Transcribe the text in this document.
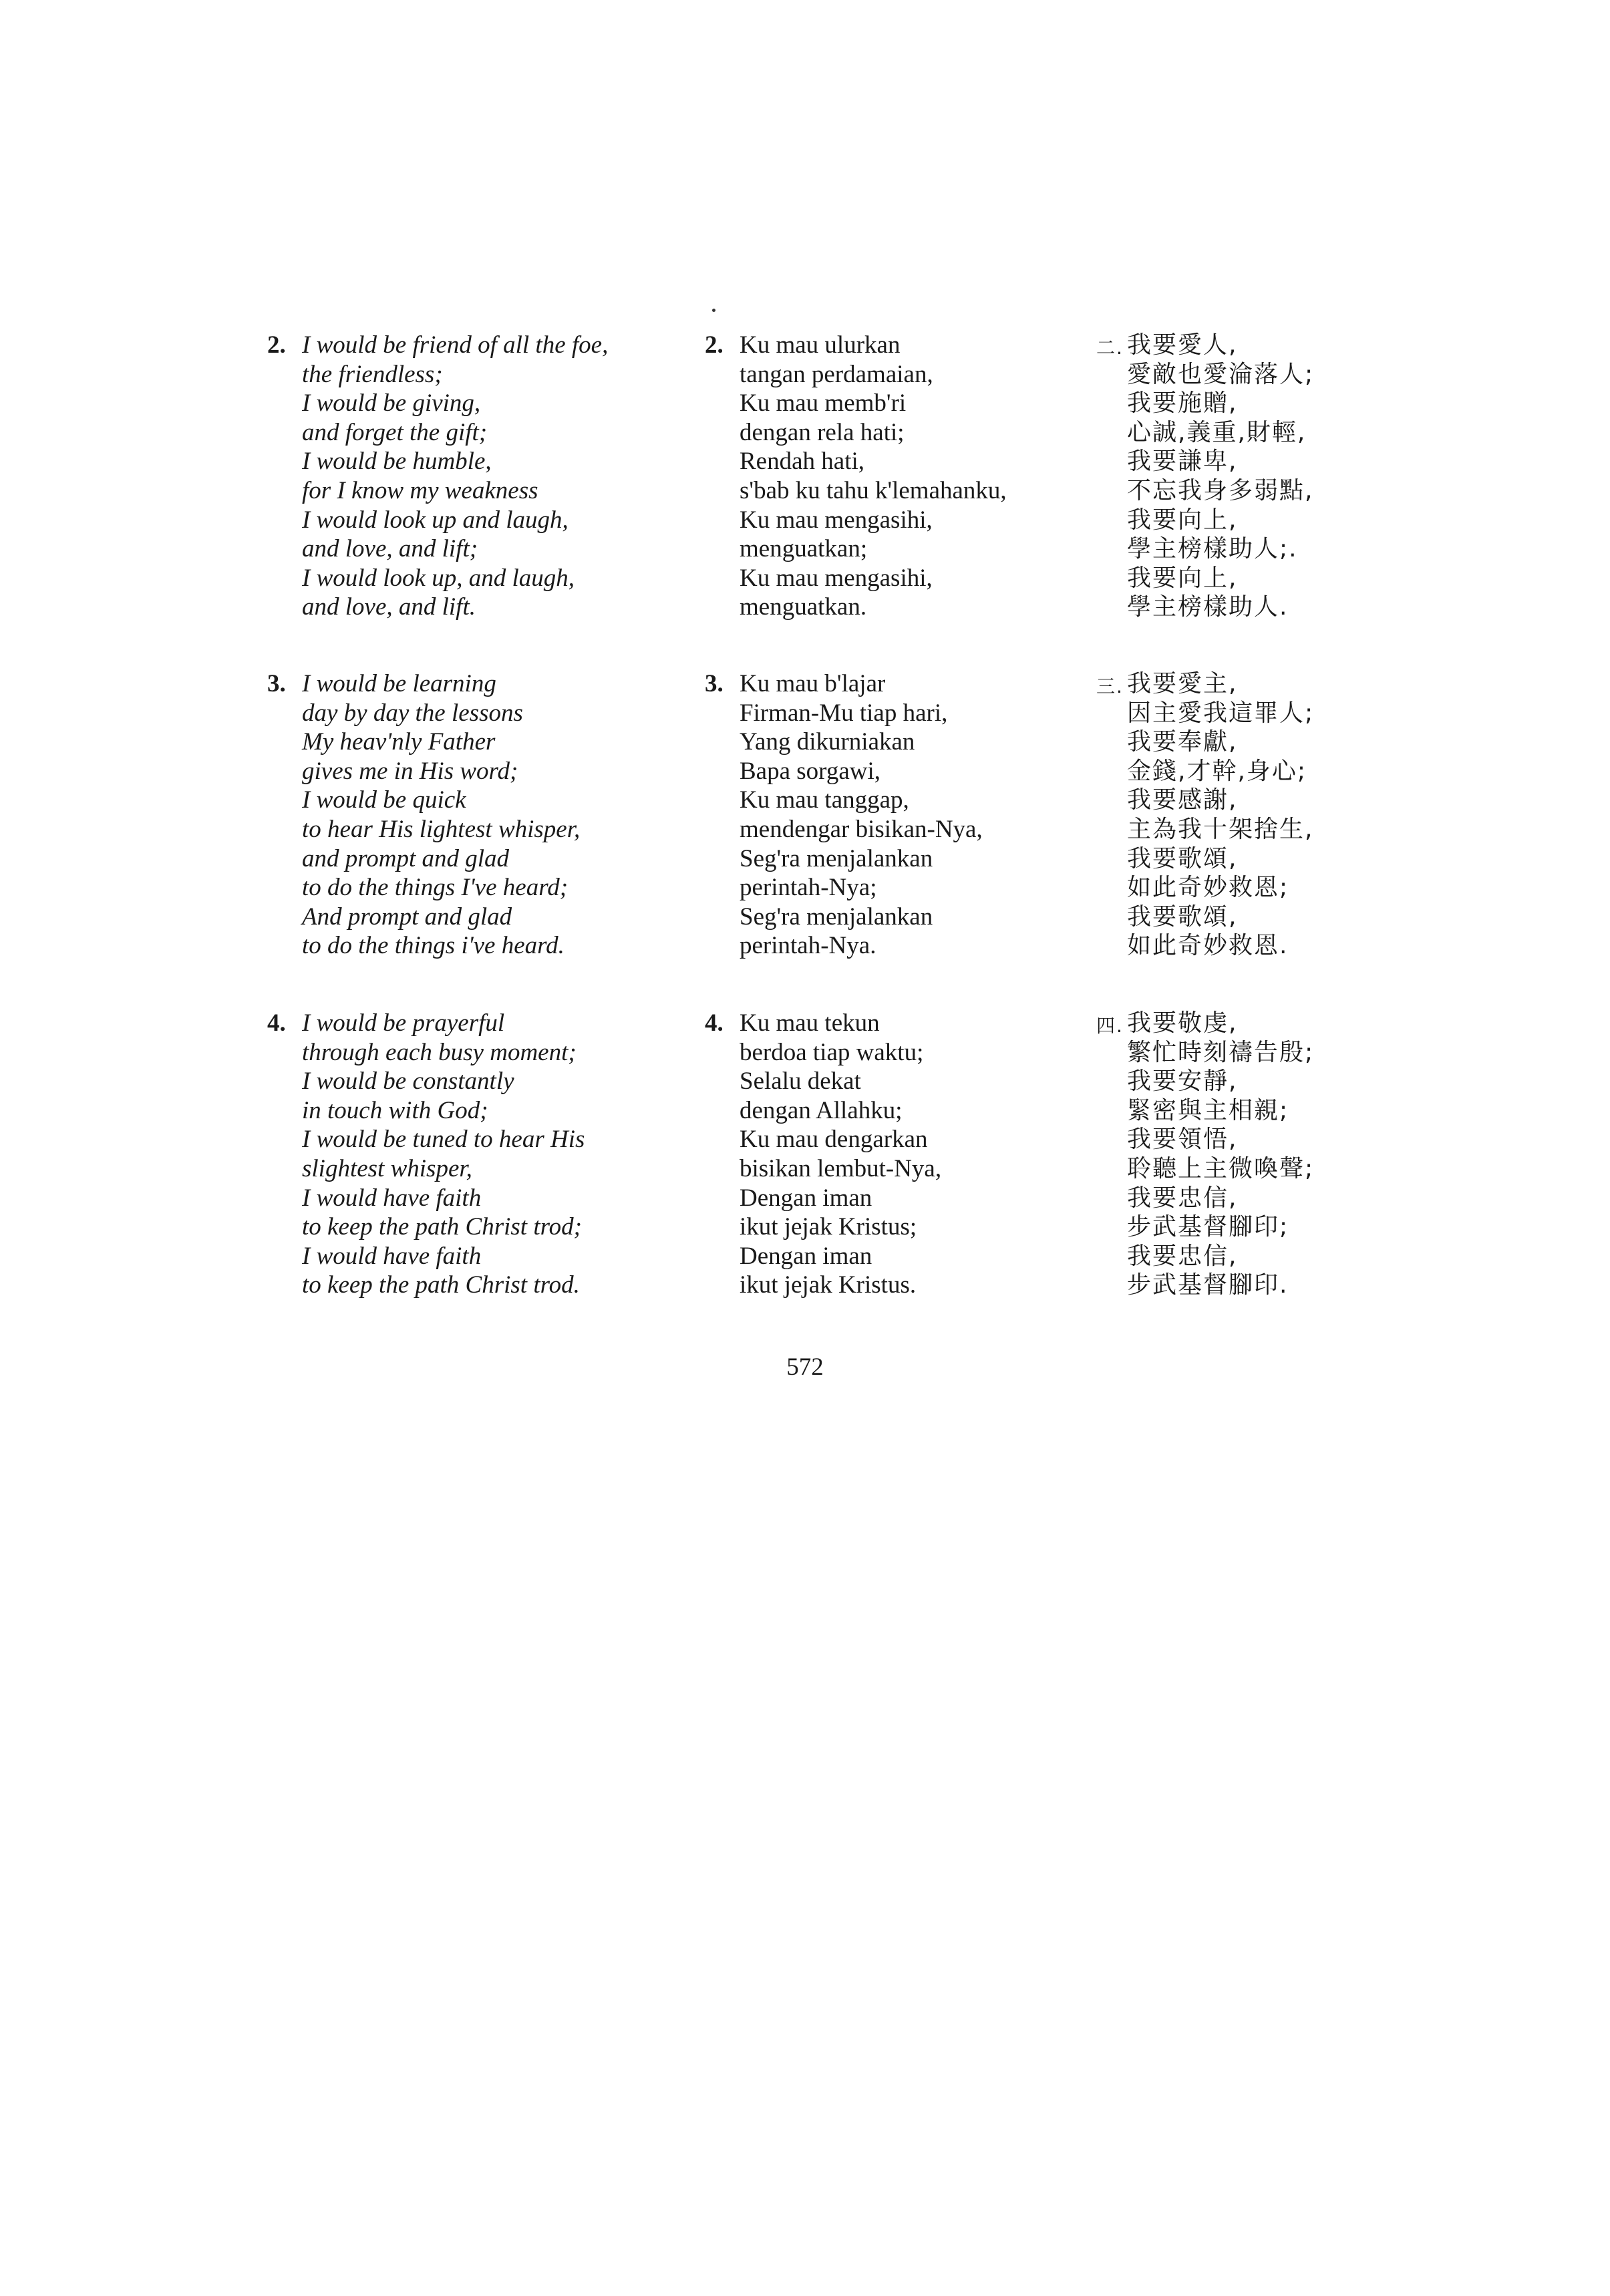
2. I would be friend of all the foe,
the friendless;
I would be giving,
and forget the gift;
I would be humble,
for I know my weakness
I would look up and laugh,
and love, and lift;
I would look up, and laugh,
and love, and lift.
3. I would be learning
day by day the lessons
My heav'nly Father
gives me in His word;
I would be quick
to hear His lightest whisper,
and prompt and glad
to do the things I've heard;
And prompt and glad
to do the things i've heard.
4. I would be prayerful
through each busy moment;
I would be constantly
in touch with God;
I would be tuned to hear His
slightest whisper,
I would have faith
to keep the path Christ trod;
I would have faith
to keep the path Christ trod.
2. Ku mau ulurkan
tangan perdamaian,
Ku mau memb'ri
dengan rela hati;
Rendah hati,
s'bab ku tahu k'lemahanku,
Ku mau mengasihi,
menguatkan;
Ku mau mengasihi,
menguatkan.
3. Ku mau b'lajar
Firman-Mu tiap hari,
Yang dikurniakan
Bapa sorgawi,
Ku mau tanggap,
mendengar bisikan-Nya,
Seg'ra menjalankan
perintah-Nya;
Seg'ra menjalankan
perintah-Nya.
4. Ku mau tekun
berdoa tiap waktu;
Selalu dekat
dengan Allahku;
Ku mau dengarkan
bisikan lembut-Nya,
Dengan iman
ikut jejak Kristus;
Dengan iman
ikut jejak Kristus.
二. 我要愛人,
愛敵也愛淪落人;
我要施贈,
心誠,義重,財輕,
我要謙卑,
不忘我身多弱點,
我要向上,
學主榜樣助人;.
我要向上,
學主榜樣助人.
三. 我要愛主,
因主愛我這罪人;
我要奉獻,
金錢,才幹,身心;
我要感謝,
主為我十架捨生,
我要歌頌,
如此奇妙救恩;
我要歌頌,
如此奇妙救恩.
四. 我要敬虔,
繁忙時刻禱告殷;
我要安靜,
緊密與主相親;
我要領悟,
聆聽上主微喚聲;
我要忠信,
步武基督腳印;
我要忠信,
步武基督腳印.
572
